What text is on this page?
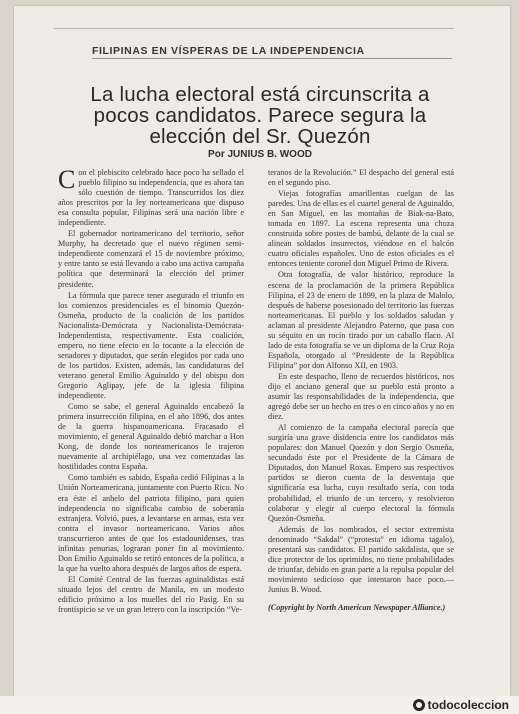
FILIPINAS EN VÍSPERAS DE LA INDEPENDENCIA
La lucha electoral está circunscrita a pocos candidatos. Parece segura la elección del Sr. Quezón
Por JUNIUS B. WOOD

Con el plebiscito celebrado hace poco ha sellado el pueblo filipino su independencia, que es ahora tan sólo cuestión de tiempo. Transcurridos los diez años prescritos por la ley norteamericana que dispuso esa consulta popular, Filipinas será una nación libre e independiente.

El gobernador norteamericano del territorio, señor Murphy, ha decretado que el nuevo régimen semi-independiente comenzará el 15 de noviembre próximo, y entre tanto se está llevando a cabo una activa campaña política que determinará la elección del primer presidente.

La fórmula que parece tener asegurado el triunfo en los comienzos presidenciales es el binomio Quezón-Osmeña, producto de la coalición de los partidos Nacionalista-Demócrata y Nacionalista-Demócrata-Independentista, respectivamente. Esta coalición, empero, no tiene efecto en lo tocante a la elección de senadores y diputados, que serán elegidos por cada uno de los partidos. Existen, además, las candidaturas del veterano general Emilio Aguinaldo y del obispo don Gregorio Aglipay, jefe de la iglesia filipina independiente.

Como se sabe, el general Aguinaldo encabezó la primera insurrección filipina, en el año 1896, dos antes de la guerra hispanoamericana. Fracasado el movimiento, el general Aguinaldo debió marchar a Hon Kong, de donde los norteamericanos le trajeron nuevamente al archipiélago, una vez comenzadas las hostilidades contra España.

Como también es sabido, España cedió Filipinas a la Unión Norteamericana, juntamente con Puerto Rico. No era éste el anhelo del patriota filipino, para quien independencia no significaba cambio de soberanía extranjera. Volvió, pues, a levantarse en armas, esta vez contra el invasor norteamericano. Varios años transcurrieron antes de que los estadounidenses, tras infinitas penurias, lograran poner fin al movimiento. Don Emilio Aguinaldo se retiró entonces de la política, a la que ha vuelto ahora después de largos años de espera.

El Comité Central de las fuerzas aguinaldistas está situado lejos del centro de Manila, en un modesto edificio próximo a los muelles del río Pasig. En su frontispicio se ve un gran letrero con la inscripción “Ve-

teranos de la Revolución.” El despacho del general está en el segundo piso.

Viejas fotografías amarillentas cuelgan de las paredes. Una de ellas es el cuartel general de Aguinaldo, en San Miguel, en las montañas de Biak-na-Bato, tomada en 1897. La escena representa una choza construida sobre postes de bambú, delante de la cual se alinean soldados insurrectos, viéndose en el balcón cuatro oficiales españoles. Uno de estos oficiales es el entonces teniente coronel don Miguel Primo de Rivera.

Otra fotografía, de valor histórico, reproduce la escena de la proclamación de la primera República Filipina, el 23 de enero de 1899, en la plaza de Malolo, después de haberse posesionado del territorio las fuerzas norteamericanas. El pueblo y los soldados saludan y aclaman al presidente Alejandro Paterno, que pasa con su séquito en un rocín tirado por un caballo flaco. Al lado de esta fotografía se ve un diploma de la Cruz Roja Española, otorgado al “Presidente de la República Filipina” por don Alfonso XII, en 1903.

En este despacho, lleno de recuerdos históricos, nos dijo el anciano general que su pueblo está pronto a asumir las responsabilidades de la independencia, que agregó debe ser un hecho en tres o en cinco años y no en diez.

Al comienzo de la campaña electoral parecía que surgiría una grave disidencia entre los candidatos más populares: don Manuel Quezón y don Sergio Osmeña, secundado éste por el Presidente de la Cámara de Diputados, don Manuel Roxas. Empero sus respectivos partidos se dieron cuenta de la desventaja que significaría esa lucha, cuyo resultado sería, con toda probabilidad, el triunfo de un tercero, y resolvieron colaborar y elegir al cuerpo electoral la fórmula Quezón-Osmeña.

Además de los nombrados, el sector extremista denominado “Sakdal” (“protesta” en idioma tagalo), presentará sus candidatos. El partido sakdalista, que se dice protector de los oprimidos, no tiene probabilidades de triunfar, debido en gran parte a la repulsa popular del movimiento sedicioso que intentaron hace poco.—Junius B. Wood.

(Copyright by North American Newspaper Alliance.)

todocoleccion
